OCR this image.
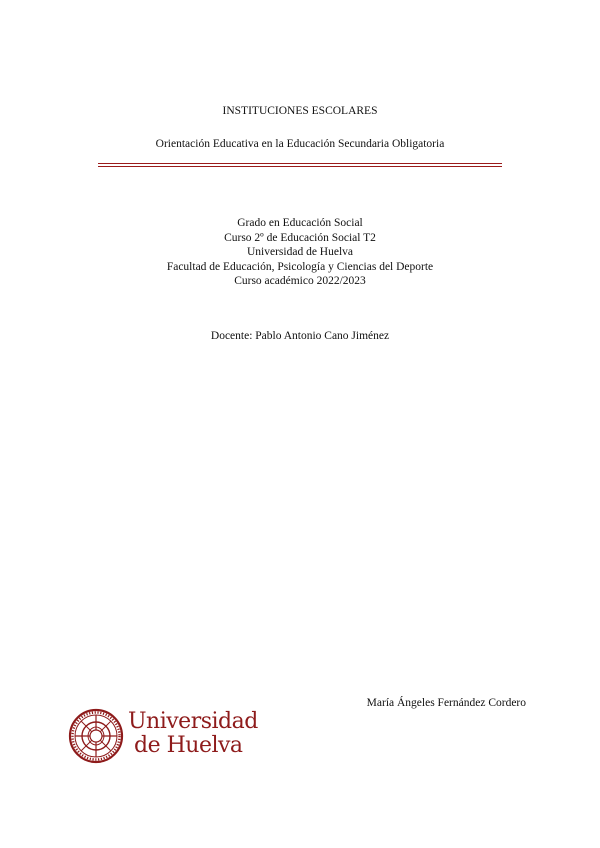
INSTITUCIONES ESCOLARES
Orientación Educativa en la Educación Secundaria Obligatoria
Grado en Educación Social
Curso 2º de Educación Social T2
Universidad de Huelva
Facultad de Educación, Psicología y Ciencias del Deporte
Curso académico 2022/2023
Docente: Pablo Antonio Cano Jiménez
María Ángeles Fernández Cordero
Universidad
de Huelva
